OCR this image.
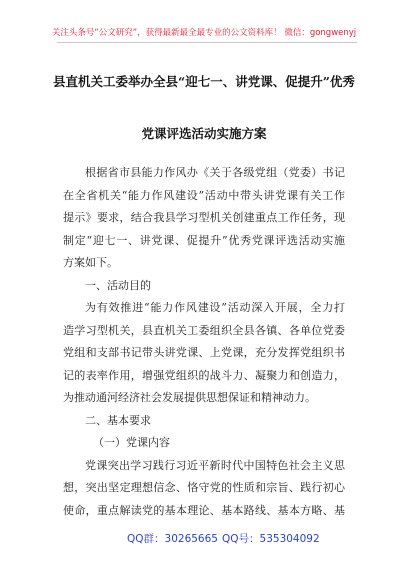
关注头条号“公文研究”，获得最新最全最专业的公文资料库！ 微信：gongwenyj
县直机关工委举办全县“迎七一、讲党课、促提升”优秀
党课评选活动实施方案
根据省市县能力作风办《关于各级党组（党委）书记
在全省机关“能力作风建设”活动中带头讲党课有关工作
提示》要求，结合我县学习型机关创建重点工作任务，现
制定“迎七一、讲党课、促提升”优秀党课评选活动实施
方案如下。
一、活动目的
为有效推进“能力作风建设”活动深入开展，全力打
造学习型机关，县直机关工委组织全县各镇、各单位党委
党组和支部书记带头讲党课、上党课，充分发挥党组织书
记的表率作用，增强党组织的战斗力、凝聚力和创造力，
为推动通河经济社会发展提供思想保证和精神动力。
二、基本要求
（一）党课内容
党课突出学习践行习近平新时代中国特色社会主义思
想，突出坚定理想信念、恪守党的性质和宗旨、践行初心
使命，重点解读党的基本理论、基本路线、基本方略、基
QQ群：30265665 QQ号：535304092
